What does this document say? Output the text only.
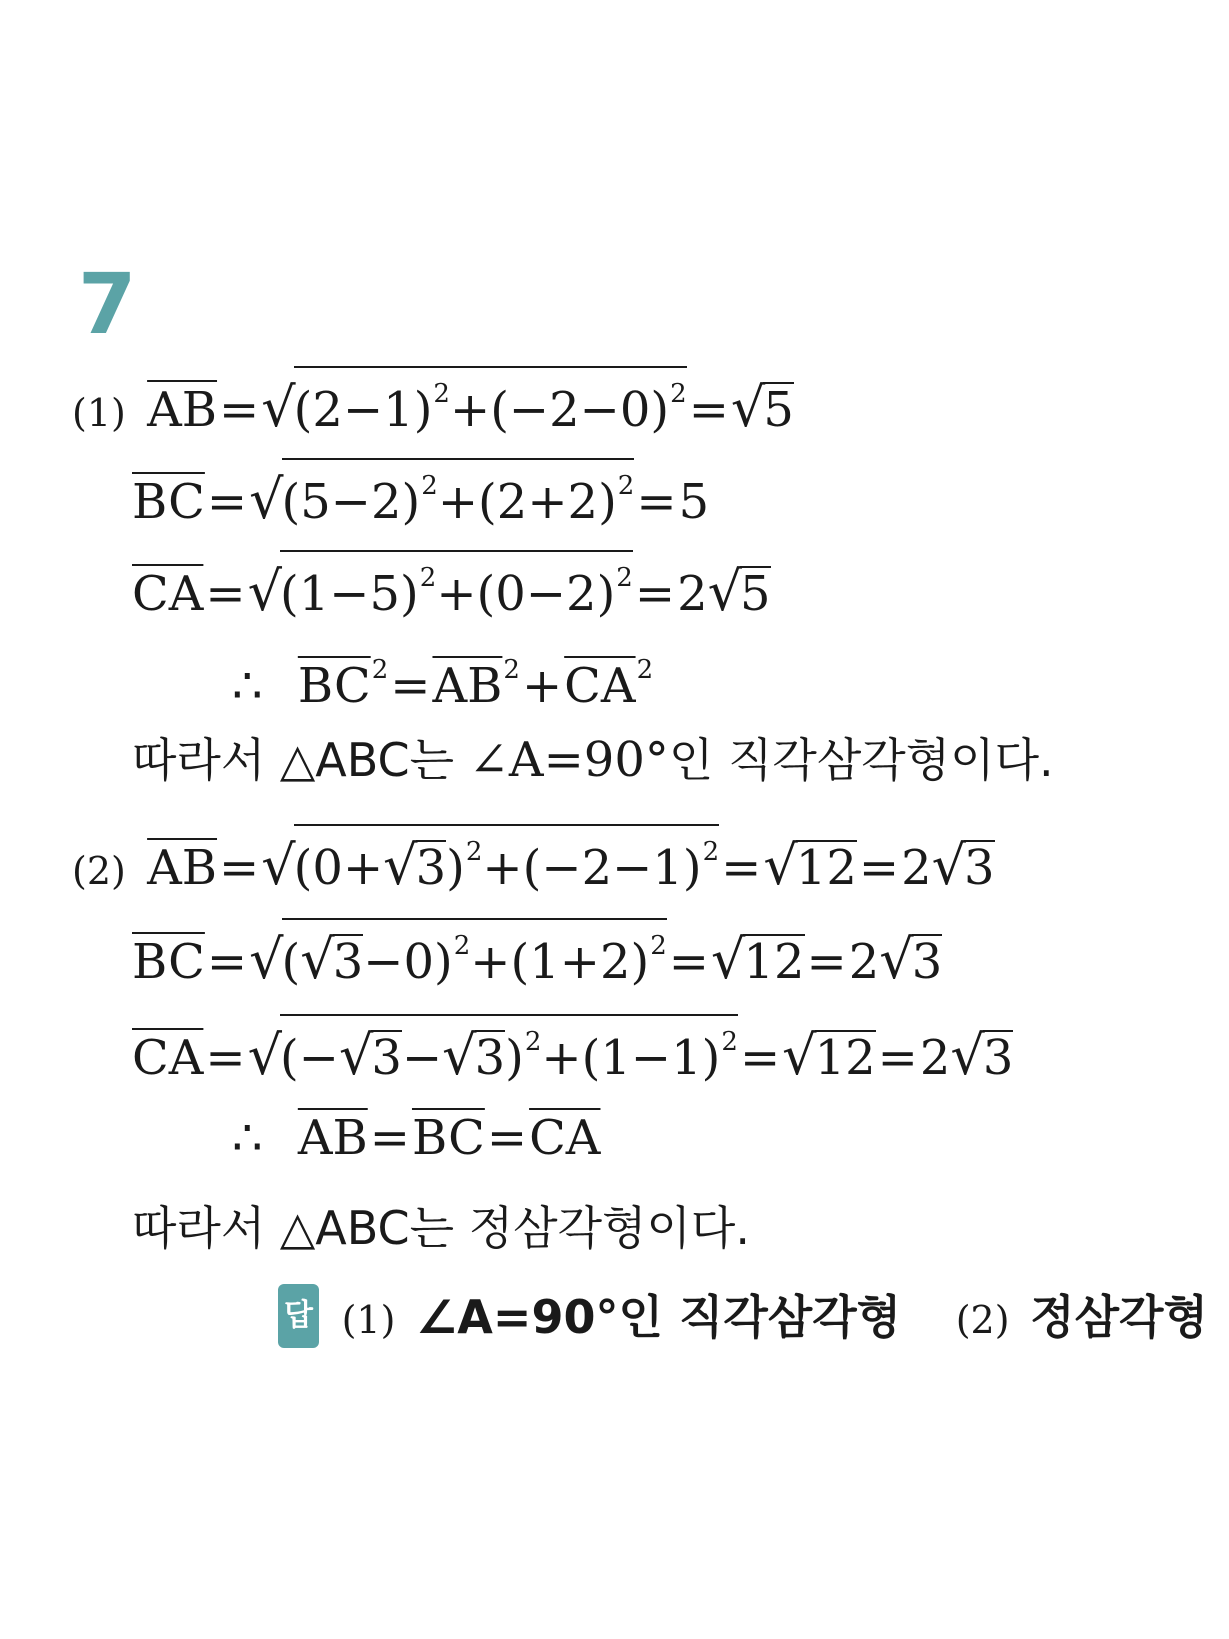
7
(1) $\overline{AB}=√(2-1)^2+(-2-0)^2=√5$
$\overline{BC}=√(5-2)^2+(2+2)^2=5$
$\overline{CA}=√(1-5)^2+(0-2)^2=2√5$
∴ $\overline{BC}^2=\overline{AB}^2+\overline{CA}^2$
따라서 △ABC는 ∠A=90°인 직각삼각형이다.
(2) $\overline{AB}=√(0+√3)^2+(-2-1)^2=√12=2√3$
$\overline{BC}=√(√3-0)^2+(1+2)^2=√12=2√3$
$\overline{CA}=√(-√3-√3)^2+(1-1)^2=√12=2√3$
∴ $\overline{AB}=\overline{BC}=\overline{CA}$
따라서 △ABC는 정삼각형이다.
답 (1) ∠A=90°인 직각삼각형 (2) 정삼각형
